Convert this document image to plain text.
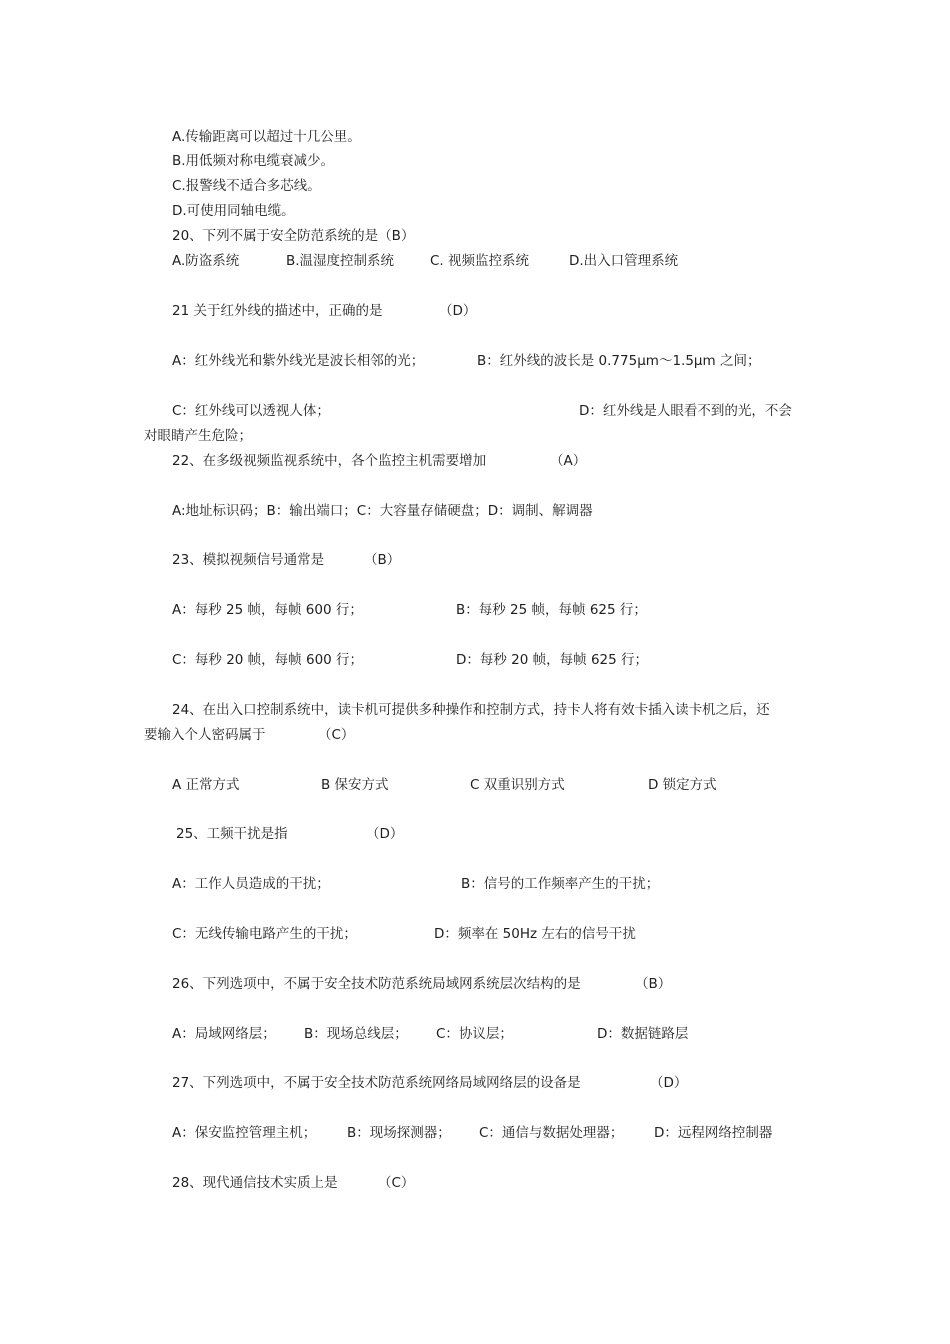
A.传输距离可以超过十几公里。
B.用低频对称电缆衰减少。
C.报警线不适合多芯线。
D.可使用同轴电缆。
20、下列不属于安全防范系统的是（B）
A.防盗系统	B.温湿度控制系统	C. 视频监控系统	D.出入口管理系统
21 关于红外线的描述中，正确的是	（D）
A：红外线光和紫外线光是波长相邻的光；	B：红外线的波长是 0.775μm～1.5μm 之间；
C：红外线可以透视人体；	D：红外线是人眼看不到的光，不会
对眼睛产生危险；
22、在多级视频监视系统中，各个监控主机需要增加	（A）
A:地址标识码；B：输出端口；C：大容量存储硬盘；D：调制、解调器
23、模拟视频信号通常是	（B）
A：每秒 25 帧，每帧 600 行；	B：每秒 25 帧，每帧 625 行；
C：每秒 20 帧，每帧 600 行；	D：每秒 20 帧，每帧 625 行；
24、在出入口控制系统中，读卡机可提供多种操作和控制方式，持卡人将有效卡插入读卡机之后，还
要输入个人密码属于	（C）
A 正常方式	B 保安方式	C 双重识别方式	D 锁定方式
25、工频干扰是指	（D）
A：工作人员造成的干扰；	B：信号的工作频率产生的干扰；
C：无线传输电路产生的干扰；	D：频率在 50Hz 左右的信号干扰
26、下列选项中，不属于安全技术防范系统局域网系统层次结构的是	（B）
A：局域网络层； B：现场总线层； C：协议层；	D：数据链路层
27、下列选项中，不属于安全技术防范系统网络局域网络层的设备是	（D）
A：保安监控管理主机； B：现场探测器； C：通信与数据处理器； D：远程网络控制器
28、现代通信技术实质上是	（C）
